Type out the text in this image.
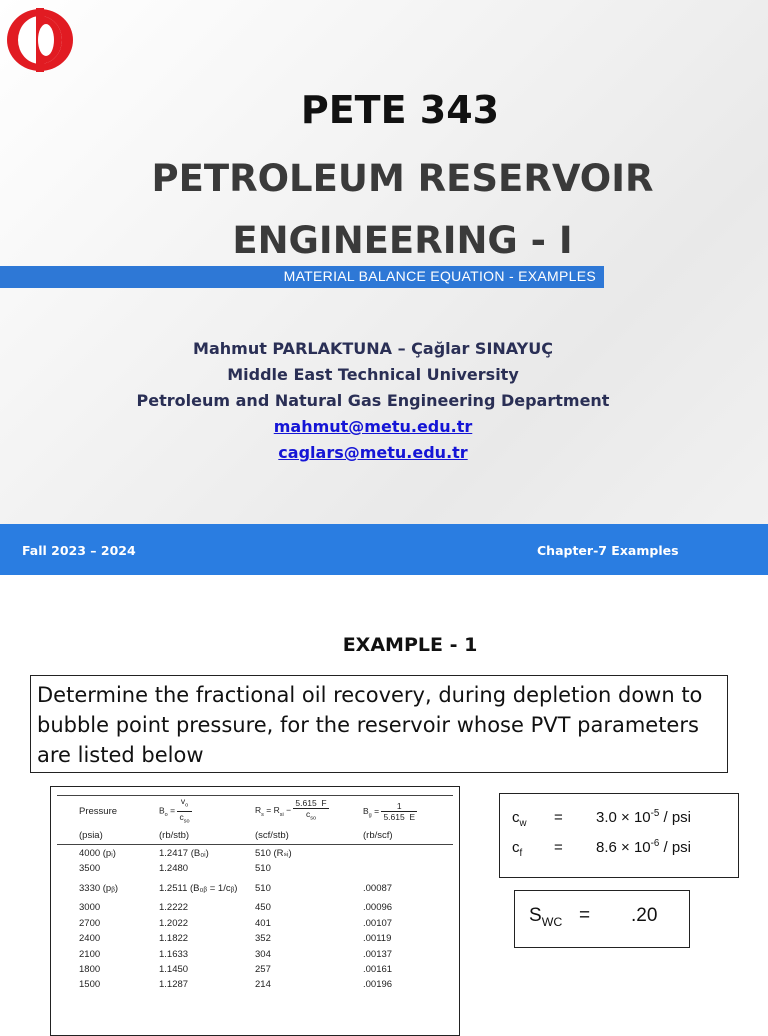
PETE 343
PETROLEUM RESERVOIR
ENGINEERING - I
MATERIAL BALANCE EQUATION - EXAMPLES
Mahmut PARLAKTUNA – Çağlar SINAYUÇ
Middle East Technical University
Petroleum and Natural Gas Engineering Department
mahmut@metu.edu.tr
caglars@metu.edu.tr
Fall 2023 – 2024	Chapter-7 Examples
EXAMPLE - 1
Determine the fractional oil recovery, during depletion down to bubble point pressure, for the reservoir whose PVT parameters are listed below
Pressure	$B_o = \frac{v_o}{c_{so}}$	$R_s = R_{si} - \frac{5.615 F}{c_{so}}$	$B_g = \frac{1}{5.615 E}$

(psia)	(rb/stb)	(scf/stb)	(rb/scf)
4000 (pᵢ)	1.2417 (B₀ᵢ)	510 (Rₛᵢ)	
3500	1.2480	510	
3330 (pᵦ)	1.2511 (B₀ᵦ = 1/cᵦ)	510	.00087
3000	1.2222	450	.00096
2700	1.2022	401	.00107
2400	1.1822	352	.00119
2100	1.1633	304	.00137
1800	1.1450	257	.00161
1500	1.1287	214	.00196
$c_w = 3.0 \times 10^{-5}$ / psi
$c_f = 8.6 \times 10^{-6}$ / psi
$S_{WC} = .20$
